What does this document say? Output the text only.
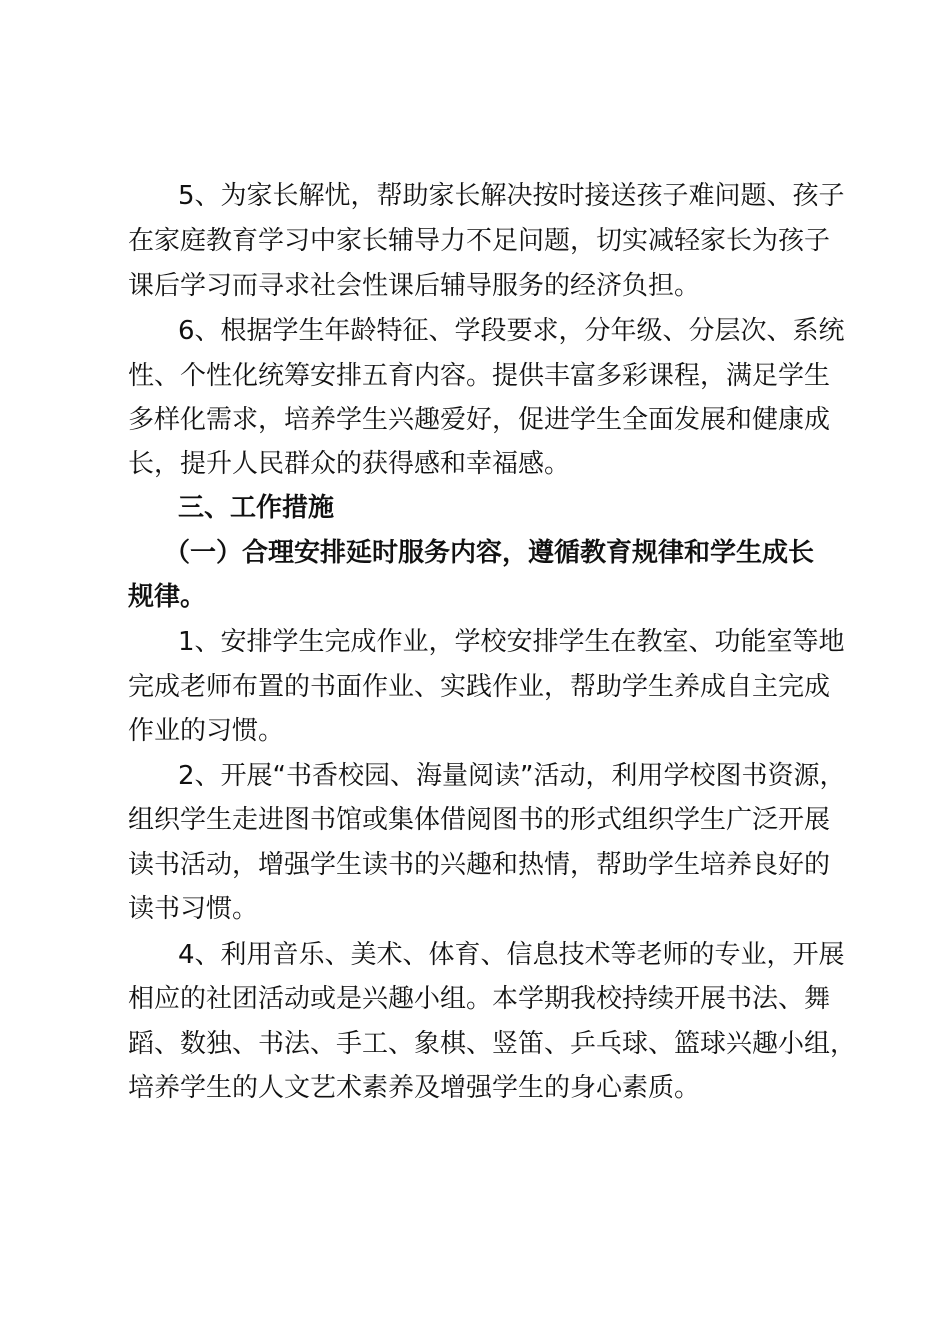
5、为家长解忧，帮助家长解决按时接送孩子难问题、孩子
在家庭教育学习中家长辅导力不足问题，切实减轻家长为孩子
课后学习而寻求社会性课后辅导服务的经济负担。
6、根据学生年龄特征、学段要求，分年级、分层次、系统
性、个性化统筹安排五育内容。提供丰富多彩课程，满足学生
多样化需求，培养学生兴趣爱好，促进学生全面发展和健康成
长，提升人民群众的获得感和幸福感。
三、工作措施
（一）合理安排延时服务内容，遵循教育规律和学生成长
规律。
1、安排学生完成作业，学校安排学生在教室、功能室等地
完成老师布置的书面作业、实践作业，帮助学生养成自主完成
作业的习惯。
2、开展“书香校园、海量阅读”活动，利用学校图书资源，
组织学生走进图书馆或集体借阅图书的形式组织学生广泛开展
读书活动，增强学生读书的兴趣和热情，帮助学生培养良好的
读书习惯。
4、利用音乐、美术、体育、信息技术等老师的专业，开展
相应的社团活动或是兴趣小组。本学期我校持续开展书法、舞
蹈、数独、书法、手工、象棋、竖笛、乒乓球、篮球兴趣小组，
培养学生的人文艺术素养及增强学生的身心素质。
